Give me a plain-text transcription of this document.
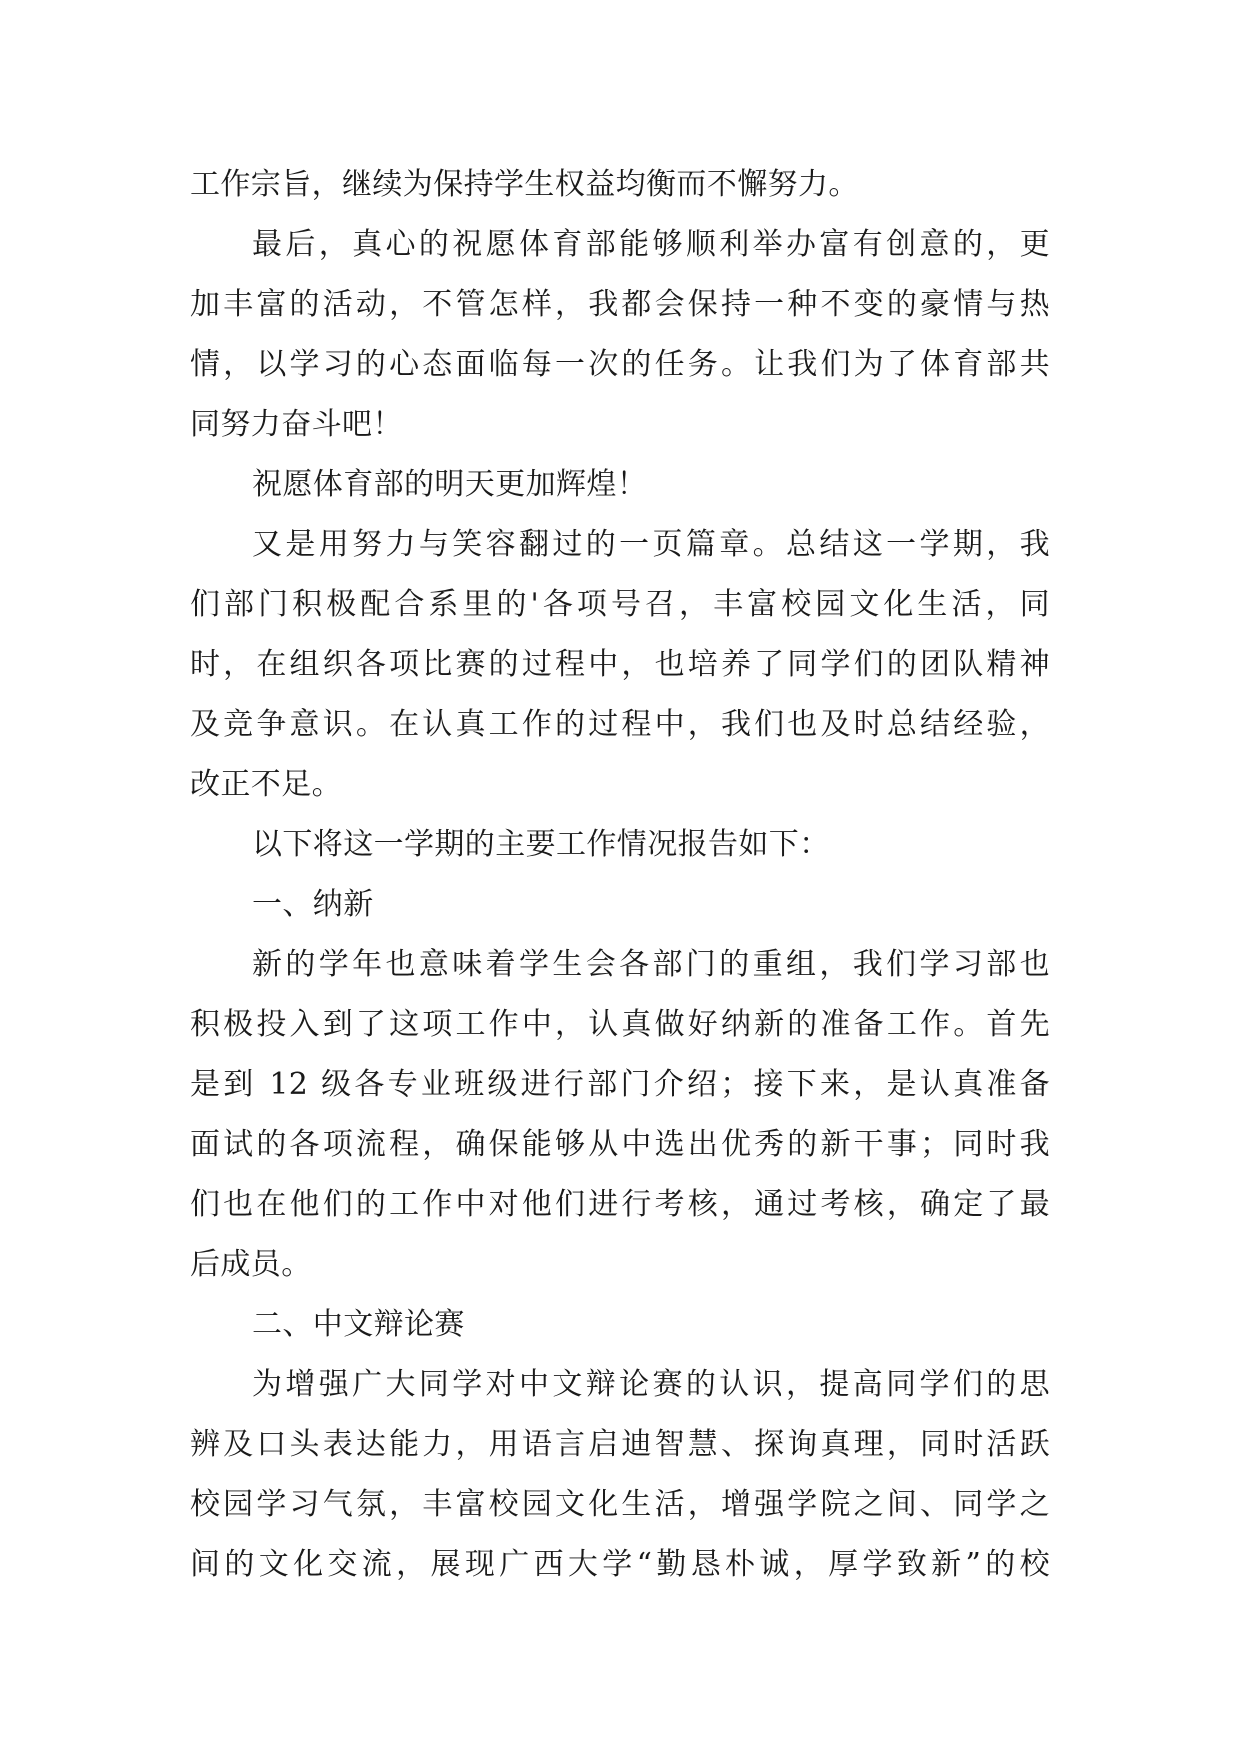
工作宗旨，继续为保持学生权益均衡而不懈努力。
最后，真心的祝愿体育部能够顺利举办富有创意的，更
加丰富的活动，不管怎样，我都会保持一种不变的豪情与热
情，以学习的心态面临每一次的任务。让我们为了体育部共
同努力奋斗吧！
祝愿体育部的明天更加辉煌！
又是用努力与笑容翻过的一页篇章。总结这一学期，我
们部门积极配合系里的'各项号召，丰富校园文化生活，同
时，在组织各项比赛的过程中，也培养了同学们的团队精神
及竞争意识。在认真工作的过程中，我们也及时总结经验，
改正不足。
以下将这一学期的主要工作情况报告如下：
一、纳新
新的学年也意味着学生会各部门的重组，我们学习部也
积极投入到了这项工作中，认真做好纳新的准备工作。首先
是到 12 级各专业班级进行部门介绍；接下来，是认真准备
面试的各项流程，确保能够从中选出优秀的新干事；同时我
们也在他们的工作中对他们进行考核，通过考核，确定了最
后成员。
二、中文辩论赛
为增强广大同学对中文辩论赛的认识，提高同学们的思
辨及口头表达能力，用语言启迪智慧、探询真理，同时活跃
校园学习气氛，丰富校园文化生活，增强学院之间、同学之
间的文化交流，展现广西大学“勤恳朴诚，厚学致新”的校
